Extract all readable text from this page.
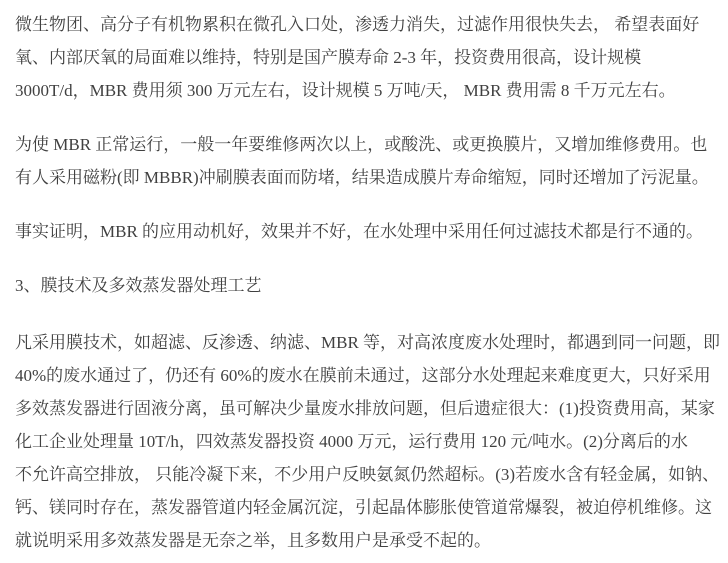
微生物团、高分子有机物累积在微孔入口处，渗透力消失，过滤作用很快失去， 希望表面好
氧、内部厌氧的局面难以维持，特别是国产膜寿命 2-3 年，投资费用很高，设计规模
3000T/d，MBR 费用须 300 万元左右，设计规模 5 万吨/天， MBR 费用需 8 千万元左右。

为使 MBR 正常运行，一般一年要维修两次以上，或酸洗、或更换膜片，又增加维修费用。也
有人采用磁粉(即 MBBR)冲刷膜表面而防堵，结果造成膜片寿命缩短，同时还增加了污泥量。

事实证明，MBR 的应用动机好，效果并不好，在水处理中采用任何过滤技术都是行不通的。

3、膜技术及多效蒸发器处理工艺

凡采用膜技术，如超滤、反渗透、纳滤、MBR 等，对高浓度废水处理时，都遇到同一问题，即
40%的废水通过了，仍还有 60%的废水在膜前未通过，这部分水处理起来难度更大，只好采用
多效蒸发器进行固液分离，虽可解决少量废水排放问题，但后遗症很大：(1)投资费用高，某家
化工企业处理量 10T/h，四效蒸发器投资 4000 万元，运行费用 120 元/吨水。(2)分离后的水
不允许高空排放， 只能冷凝下来，不少用户反映氨氮仍然超标。(3)若废水含有轻金属，如钠、
钙、镁同时存在，蒸发器管道内轻金属沉淀，引起晶体膨胀使管道常爆裂，被迫停机维修。这
就说明采用多效蒸发器是无奈之举，且多数用户是承受不起的。
